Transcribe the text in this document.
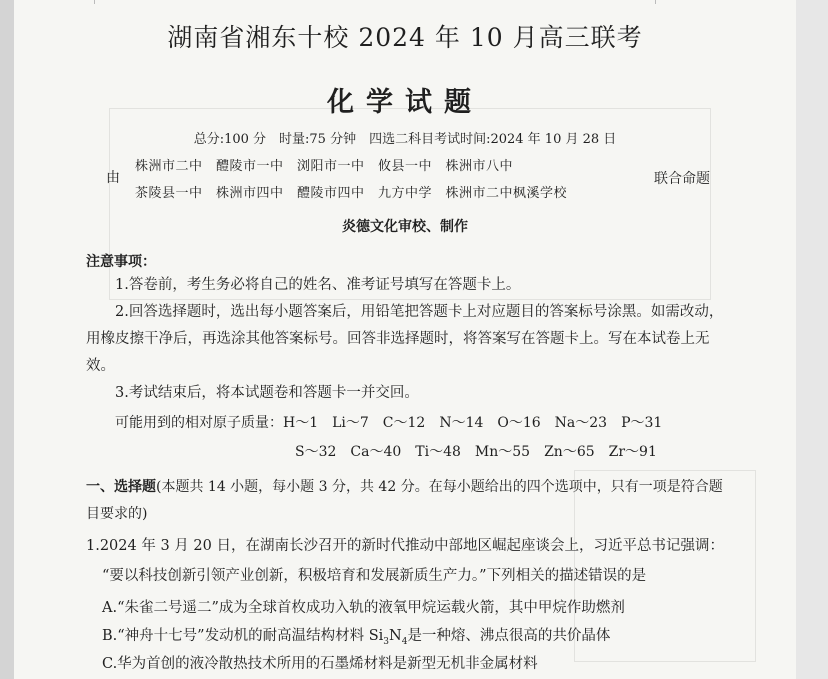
湖南省湘东十校 2024 年 10 月高三联考
化学试题
总分:100 分　时量:75 分钟　四选二科目考试时间:2024 年 10 月 28 日
由
株洲市二中　醴陵市一中　浏阳市一中　攸县一中　株洲市八中
茶陵县一中　株洲市四中　醴陵市四中　九方中学　株洲市二中枫溪学校
联合命题
炎德文化审校、制作
注意事项：
1.答卷前，考生务必将自己的姓名、准考证号填写在答题卡上。
2.回答选择题时，选出每小题答案后，用铅笔把答题卡上对应题目的答案标号涂黑。如需改动，用橡皮擦干净后，再选涂其他答案标号。回答非选择题时，将答案写在答题卡上。写在本试卷上无效。
3.考试结束后，将本试题卷和答题卡一并交回。
可能用到的相对原子质量：H～1　Li～7　C～12　N～14　O～16　Na～23　P～31
S～32　Ca～40　Ti～48　Mn～55　Zn～65　Zr～91
一、选择题(本题共 14 小题，每小题 3 分，共 42 分。在每小题给出的四个选项中，只有一项是符合题目要求的)
1.2024 年 3 月 20 日，在湖南长沙召开的新时代推动中部地区崛起座谈会上，习近平总书记强调：
“要以科技创新引领产业创新，积极培育和发展新质生产力。”下列相关的描述错误的是
A.“朱雀二号遥二”成为全球首枚成功入轨的液氧甲烷运载火箭，其中甲烷作助燃剂
B.“神舟十七号”发动机的耐高温结构材料 $Si_3N_4$是一种熔、沸点很高的共价晶体
C.华为首创的液冷散热技术所用的石墨烯材料是新型无机非金属材料
